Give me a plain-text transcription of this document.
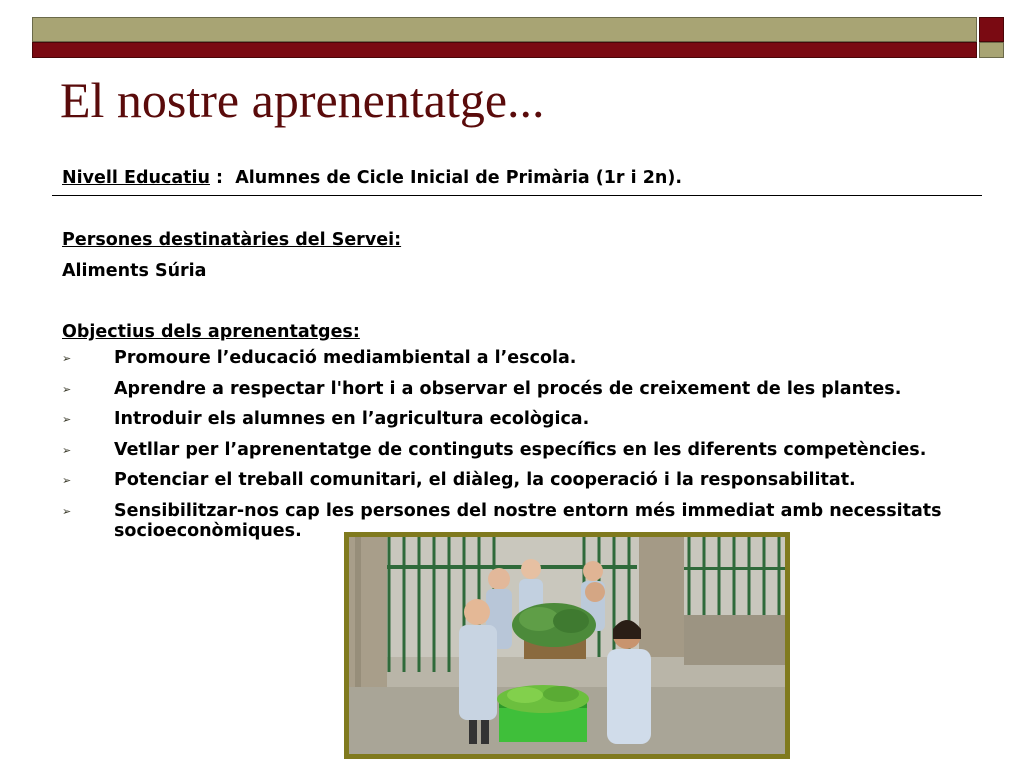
El nostre aprenentatge...
Nivell Educatiu :  Alumnes de Cicle Inicial de Primària (1r i 2n).
Persones destinatàries del Servei:
Aliments Súria
Objectius dels aprenentatges:
➢ Promoure l’educació mediambiental a l’escola.
➢ Aprendre a respectar l'hort i a observar el procés de creixement de les plantes.
➢ Introduir els alumnes en l’agricultura ecològica.
➢ Vetllar per l’aprenentatge de continguts específics en les diferents competències.
➢ Potenciar el treball comunitari, el diàleg, la cooperació i la responsabilitat.
➢ Sensibilitzar-nos cap les persones del nostre entorn més immediat amb necessitats socioeconòmiques.
